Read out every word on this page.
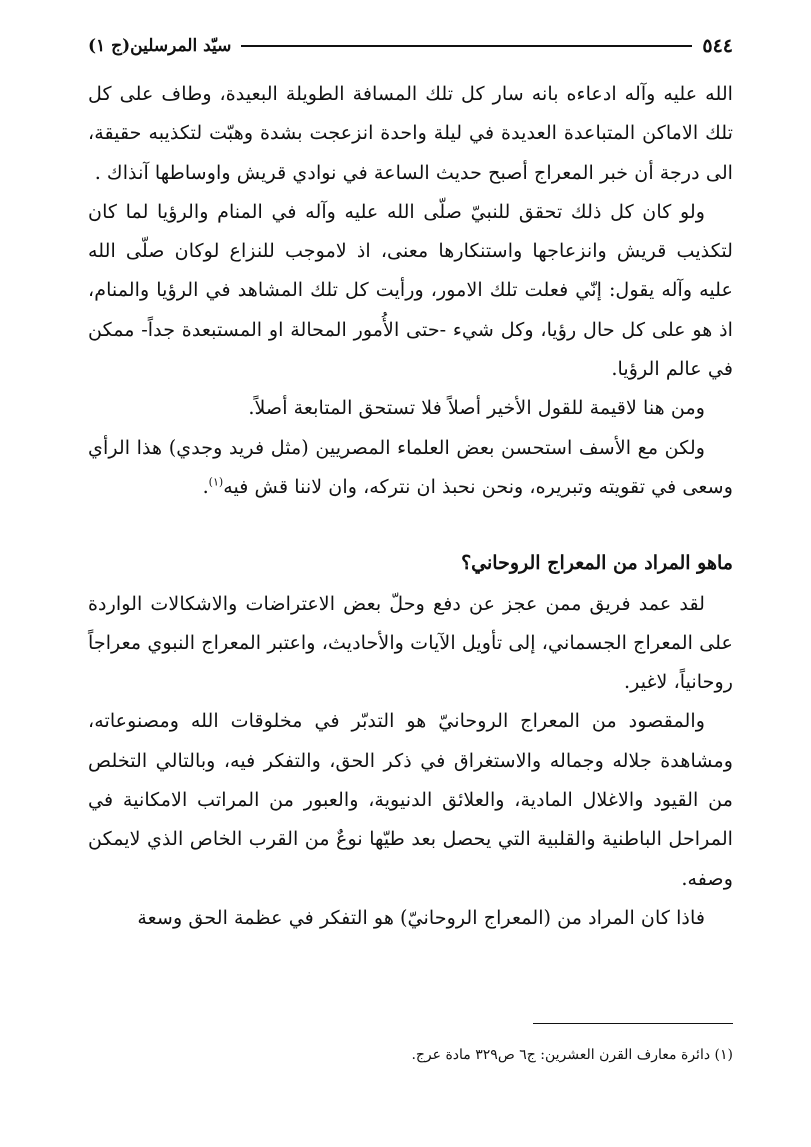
٥٤٤
سيّد المرسلين(ج ١)

الله عليه وآله ادعاءه بانه سار كل تلك المسافة الطويلة البعيدة، وطاف على كل تلك الاماكن المتباعدة العديدة في ليلة واحدة انزعجت بشدة وهبّت لتكذيبه حقيقة، الى درجة أن خبر المعراج أصبح حديث الساعة في نوادي قريش واوساطها آنذاك .

ولو كان كل ذلك تحقق للنبيّ صلّى الله عليه وآله في المنام والرؤيا لما كان لتكذيب قريش وانزعاجها واستنكارها معنى، اذ لاموجب للنزاع لوكان صلّى الله عليه وآله يقول: إنّي فعلت تلك الامور، ورأيت كل تلك المشاهد في الرؤيا والمنام، اذ هو على كل حال رؤيا، وكل شيء -حتى الأُمور المحالة او المستبعدة جداً- ممكن في عالم الرؤيا.

ومن هنا لاقيمة للقول الأخير أصلاً فلا تستحق المتابعة أصلاً.

ولكن مع الأسف استحسن بعض العلماء المصريين (مثل فريد وجدي) هذا الرأي وسعى في تقويته وتبريره، ونحن نحبذ ان نتركه، وان لاننا قش فيه$^{(١)}$.

ماهو المراد من المعراج الروحاني؟

لقد عمد فريق ممن عجز عن دفع وحلّ بعض الاعتراضات والاشكالات الواردة على المعراج الجسماني، إلى تأويل الآيات والأحاديث، واعتبر المعراج النبوي معراجاً روحانياً، لاغير.

والمقصود من المعراج الروحانيّ هو التدبّر في مخلوقات الله ومصنوعاته، ومشاهدة جلاله وجماله والاستغراق في ذكر الحق، والتفكر فيه، وبالتالي التخلص من القيود والاغلال المادية، والعلائق الدنيوية، والعبور من المراتب الامكانية في المراحل الباطنية والقلبية التي يحصل بعد طيّها نوعٌ من القرب الخاص الذي لايمكن وصفه.

فاذا كان المراد من (المعراج الروحانيّ) هو التفكر في عظمة الحق وسعة

(١) دائرة معارف القرن العشرين: ج٦ ص٣٢٩ مادة عرج.
